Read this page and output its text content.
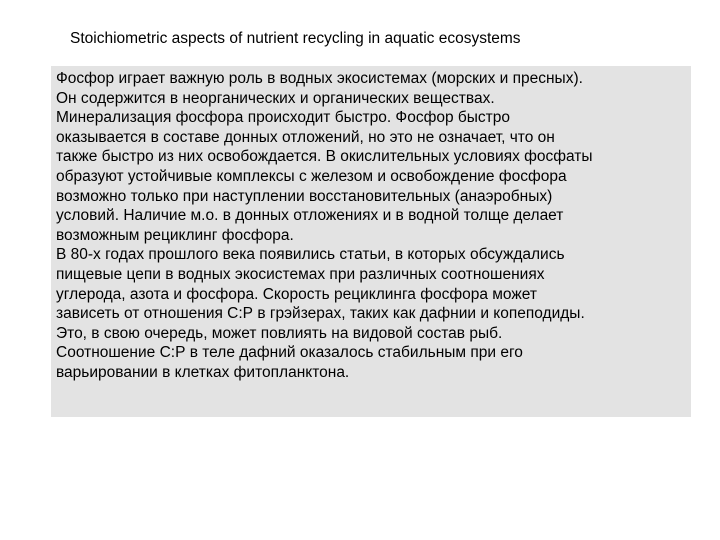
Stoichiometric aspects of nutrient recycling in aquatic ecosystems
Фосфор играет важную роль в водных экосистемах (морских и пресных).
Он содержится в неорганических и органических веществах.
Минерализация фосфора происходит быстро. Фосфор быстро
оказывается в составе донных отложений, но это не означает, что он
также быстро из них освобождается. В окислительных условиях фосфаты
образуют устойчивые комплексы с железом и освобождение фосфора
возможно только при наступлении восстановительных (анаэробных)
условий. Наличие м.о. в донных отложениях и в водной толще делает
возможным рециклинг фосфора.
В 80-х годах прошлого века появились статьи, в которых обсуждались
пищевые цепи в водных экосистемах при различных соотношениях
углерода, азота и фосфора. Скорость рециклинга фосфора может
зависеть от отношения С:Р в грэйзерах, таких как дафнии и копеподиды.
Это, в свою очередь, может повлиять на видовой состав рыб.
Соотношение С:Р в теле дафний оказалось стабильным при его
варьировании в клетках фитопланктона.
